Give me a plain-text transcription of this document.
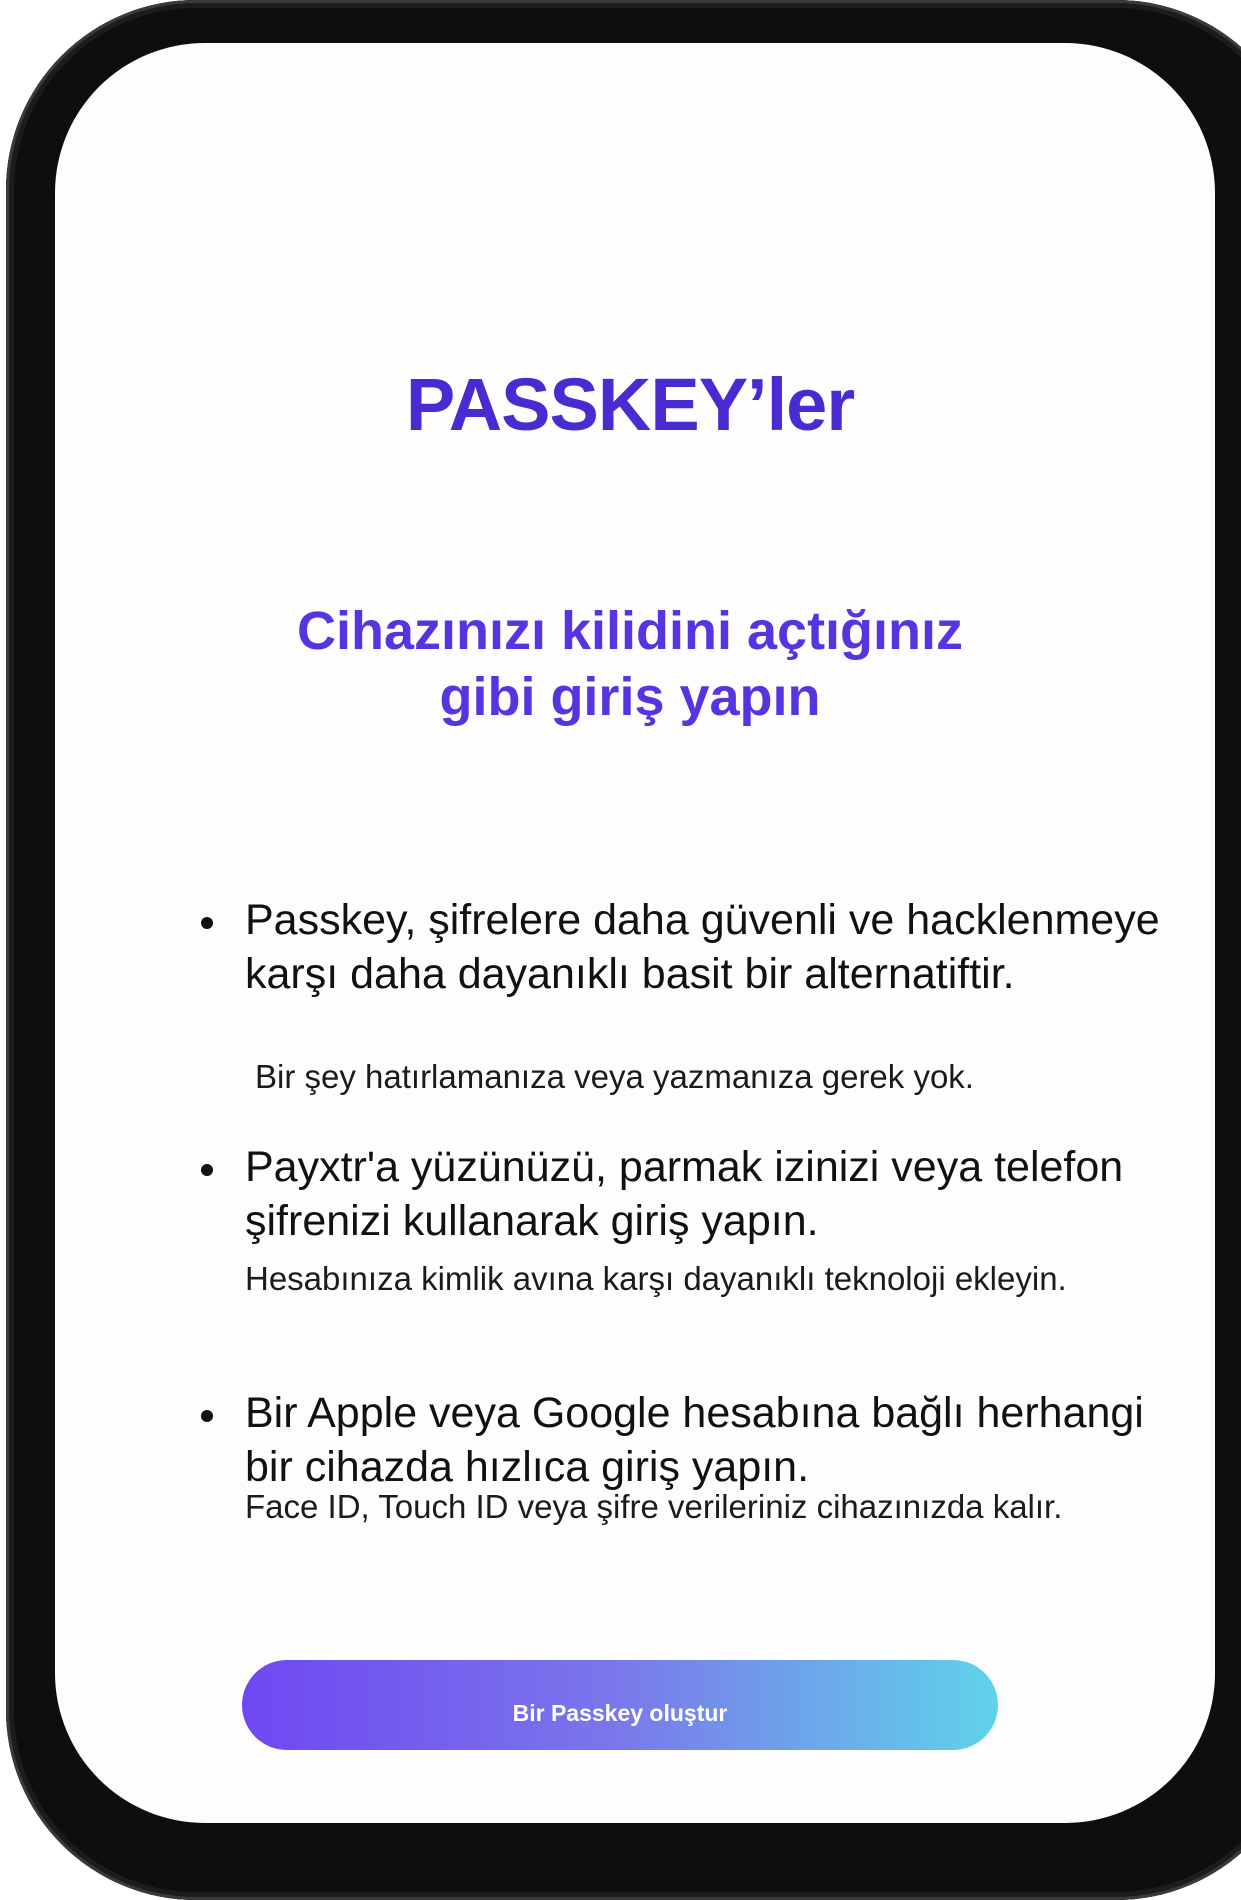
PASSKEY’ler
Cihazınızı kilidini açtığınız
gibi giriş yapın

Passkey, şifrelere daha güvenli ve hacklenmeye karşı daha dayanıklı basit bir alternatiftir.

Bir şey hatırlamanıza veya yazmanıza gerek yok.

Payxtr'a yüzünüzü, parmak izinizi veya telefon şifrenizi kullanarak giriş yapın.

Hesabınıza kimlik avına karşı dayanıklı teknoloji ekleyin.

Bir Apple veya Google hesabına bağlı herhangi bir cihazda hızlıca giriş yapın.

Face ID, Touch ID veya şifre verileriniz cihazınızda kalır.

Bir Passkey oluştur
